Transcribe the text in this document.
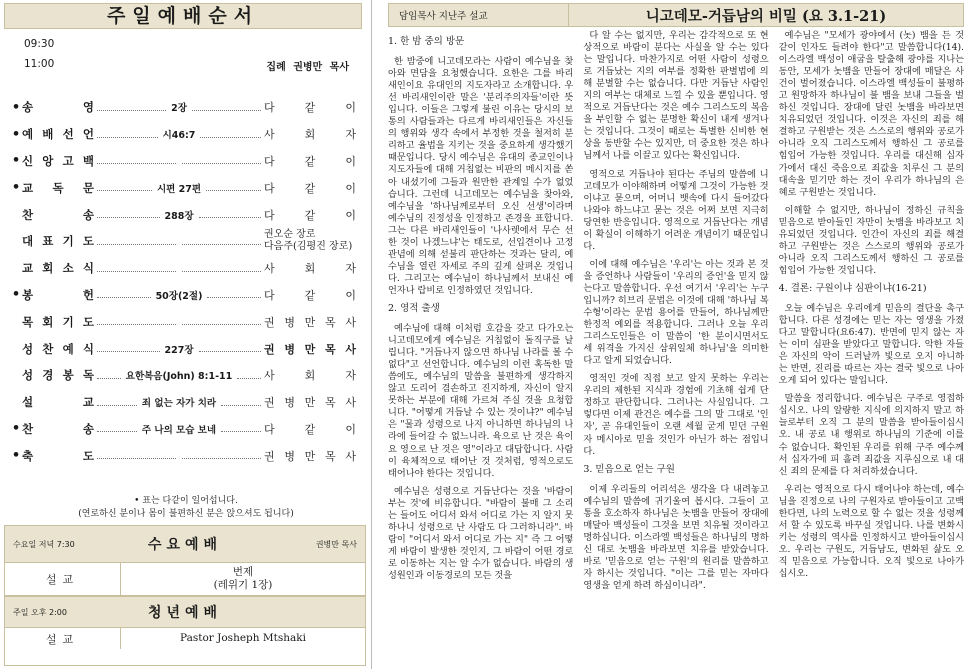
주일예배순서
09:30
11:00	집례 권병만 목사
• 송	영	2장	다	같	이
• 예 배 선 언	시46:7	사	회	자
• 신 앙 고 백	다	같	이
• 교 독 문	시편 27편	다	같	이
찬	송	288장	다	같	이
대 표 기 도	권오순 장로
다음주(김평진 장로)
교 회 소 식	사	회	자
• 봉	헌	50장(2절)	다	같	이
목 회 기 도	권 병 만 목 사
성 찬 예 식	227장	권 병 만 목 사
성 경 봉 독	요한복음(John) 8:1-11	사	회	자
설	교	죄 없는 자가 치라	권 병 만 목 사
• 찬	송	주 나의 모습 보네	다	같	이
• 축	도	권 병 만 목 사
• 표는 다같이 일어섭니다.
(연로하신 분이나 몸이 불편하신 분은 앉으셔도 됩니다)
수요일 저녁 7:30	수요예배	권병만 목사
설교
번제
(레위기 1장)
주일 오후 2:00	청년예배
설교	Pastor Josheph Mtshaki
담임목사 지난주 설교	니고데모-거듭남의 비밀 (요 3.1-21)
1. 한 밤 중의 방문

한 밤중에 니고데모라는 사람이 예수님을 찾아와 면담을 요청했습니다. 요한은 그를 바리새인이요 유대인의 지도자라고 소개합니다. 우선 바리새인이란 말은 '분리주의자들'이란 뜻입니다. 이들은 그렇게 불린 이유는 당시의 보통의 사람들과는 다르게 바리새인들은 자신들의 행위와 생각 속에서 부정한 것을 철저히 분리하고 율법을 지키는 것을 중요하게 생각했기 때문입니다. 당시 예수님은 유대의 종교인이나 지도자들에 대해 거침없는 비판의 메시지를 쏟아 내셨기에 그들과 원만한 관계일 수가 없었습니다. 그런데 니고데모는 예수님을 찾아와, 예수님을 '하나님께로부터 오신 선생'이라며 예수님의 진정성을 인정하고 존경을 표합니다. 그는 다른 바리새인들이 '나사렛에서 무슨 선한 것이 나겠느냐'는 태도로, 선입견이나 고정관념에 의해 섣불리 판단하는 것과는 달리, 예수님을 열린 자세로 주의 깊게 살펴온 것입니다. 그리고는 예수님이 하나님께서 보내신 예언자나 랍비로 인정하였던 것입니다.

2. 영적 출생

예수님에 대해 이처럼 호감을 갖고 다가오는 니고데모에게 예수님은 거침없이 돌직구를 날립니다. "거듭나지 않으면 하나님 나라를 볼 수 없다"고 선언합니다. 예수님의 이런 혹독한 말씀에도, 예수님의 말씀을 불편하게 생각하지 않고 도리어 겸손하고 진지하게, 자신이 알지 못하는 부분에 대해 가르쳐 주실 것을 요청합니다. "어떻게 거듭날 수 있는 것이냐?" 예수님은 "물과 성령으로 나지 아니하면 하나님의 나라에 들어갈 수 없느니라. 육으로 난 것은 육이요 영으로 난 것은 영"이라고 대답합니다. 사람이 육체적으로 태어난 것 것처럼, 영적으로도 태어나야 한다는 것입니다.

예수님은 성령으로 거듭난다는 것을 '바람이 부는 것'에 비유합니다. "바람이 불매 그 소리는 들어도 어디서 와서 어디로 가는 지 알지 못하나니 성령으로 난 사람도 다 그러하니라". 바람이 "어디서 와서 어디로 가는 지" 즉 그 어떻게 바람이 발생한 것인지, 그 바람이 어떤 경로로 이동하는 지는 알 수가 없습니다. 바람의 생성원인과 이동경로의 모든 것을

다 알 수는 없지만, 우리는 감각적으로 또 현상적으로 바람이 분다는 사실을 알 수는 있다는 말입니다. 마찬가지로 어떤 사람이 성령으로 거듭났는 지의 여부를 정확한 판별법에 의해 분별할 수는 없습니다. 다만 거듭난 사람인지의 여부는 대체로 느낄 수 있을 뿐입니다. 영적으로 거듭난다는 것은 예수 그리스도의 복음을 부인할 수 없는 분명한 확신이 내게 생겨나는 것입니다. 그것이 때로는 특별한 신비한 현상을 동반할 수는 있지만, 더 중요한 것은 하나님께서 나를 이끌고 있다는 확신입니다.

영적으로 거듭나야 된다는 주님의 말씀에 니고데모가 이야해하며 어떻게 그것이 가능한 것이냐고 묻으며, 어머니 뱃속에 다시 들어갔다 나와야 하느냐고 묻는 것은 어쩌 보면 지극히 당연한 반응입니다. 영적으로 거듭난다는 개념이 확실이 이해하기 어려운 개념이기 때문입니다.

이에 대해 예수님은 '우리'는 아는 것과 본 것을 증언하나 사람들이 '우리의 증언'을 믿지 않는다고 말씀합니다. 우선 여기서 '우리'는 누구입니까? 히브리 문법은 이것에 대해 '하나님 복수형'이라는 문법 용어를 만들어, 하나님께만 한정적 예외를 적용합니다. 그러나 오늘 우리 그리스도인들은 이 말씀이 '한 분이시면서도 세 위격을 가지신 삼위일체 하나님'을 의미한다고 알게 되었습니다.

영적인 것에 직접 보고 알지 못하는 우리는 우리의 제한된 지식과 경험에 기초해 쉽게 단정하고 판단합니다. 그러나는 사실입니다. 그렇다면 이제 관건은 예수를 그의 말 그대로 '인자', 곧 유대인들이 오랜 세월 굳게 믿던 구원자 메시아로 믿을 것인가 아닌가 하는 점입니다.

3. 믿음으로 얻는 구원

이제 우리들의 어리석은 생각을 다 내려놓고 예수님의 말씀에 귀기울여 봅시다. 그들이 고통을 호소하자 하나님은 놋뱀을 만들어 장대에 매달아 백성들이 그것을 보면 치유될 것이라고 명하십니다. 이스라엘 백성들은 하나님의 명하신 대로 놋뱀을 바라보면 치유를 받았습니다. 바로 '믿음으로 얻는 구원'의 원리를 말씀하고자 하시는 것입니다. "이는 그를 믿는 자마다 영생을 얻게 하려 하심이니라".

예수님은 "모세가 광야에서 (놋) 뱀을 든 것 같이 인자도 들려야 한다"고 말씀합니다(14). 이스라엘 백성이 애굽을 탈출해 광야를 지나는 동안, 모세가 놋뱀을 만들어 장대에 매달은 사건이 벌어졌습니다. 이스라엘 백성들이 불평하고 원망하자 하나님이 불 뱀을 보내 그들을 벌하신 것입니다. 장대에 달린 놋뱀을 바라보면 치유되었던 것입니다. 이것은 자신의 죄를 해결하고 구원받는 것은 스스로의 행위와 공로가 아니라 오직 그리스도께서 행하신 그 공로를 힘입어 가능한 것입니다. 우리를 대신해 십자가에서 대신 죽음으로 죄값을 치루신 그 분의 대속을 믿기만 하는 것이 우리가 하나님의 은혜로 구원받는 것입니다.

이해할 수 없지만, 하나님이 정하신 규칙을 믿음으로 받아들인 자만이 놋뱀을 바라보고 치유되었던 것입니다. 인간이 자신의 죄를 해결하고 구원받는 것은 스스로의 행위와 공로가 아니라 오직 그리스도께서 행하신 그 공로를 힘입어 가능한 것입니다.

4. 결론: 구원이냐 심판이냐(16-21)

오늘 예수님은 우리에게 믿음의 결단을 촉구합니다. 다른 성경에는 믿는 자는 영생을 가졌다고 말합니다(요6:47). 반면에 믿지 않는 자는 이미 심판을 받았다고 말합니다. 악한 자들은 자신의 악이 드러날까 빛으로 오지 아니하는 반면, 진리를 따르는 자는 결국 빛으로 나아오게 되어 있다는 말입니다.

말씀을 정리합니다. 예수님은 구주로 영접하십시오. 나의 알량한 지식에 의지하지 말고 하늘로부터 오직 그 분의 말씀을 받아들이십시오. 내 공로 내 행위로 하나님의 기준에 이를 수 없습니다. 확인된 우리를 위해 구주 예수께서 십자가에 피 흘려 죄값을 지루심으로 내 대신 죄의 문제를 다 처리하셨습니다.

우리는 영적으로 다시 태어나야 하는데, 예수님을 진정으로 나의 구원자로 받아들이고 고백한다면, 나의 노력으로 할 수 없는 것을 성령께서 할 수 있도록 바꾸실 것입니다. 나를 변화시키는 성령의 역사를 인정하시고 받아들이십시오. 우리는 구원도, 거듭남도, 변화된 삶도 오직 믿음으로 가능합니다. 오직 빛으로 나아가십시오.
